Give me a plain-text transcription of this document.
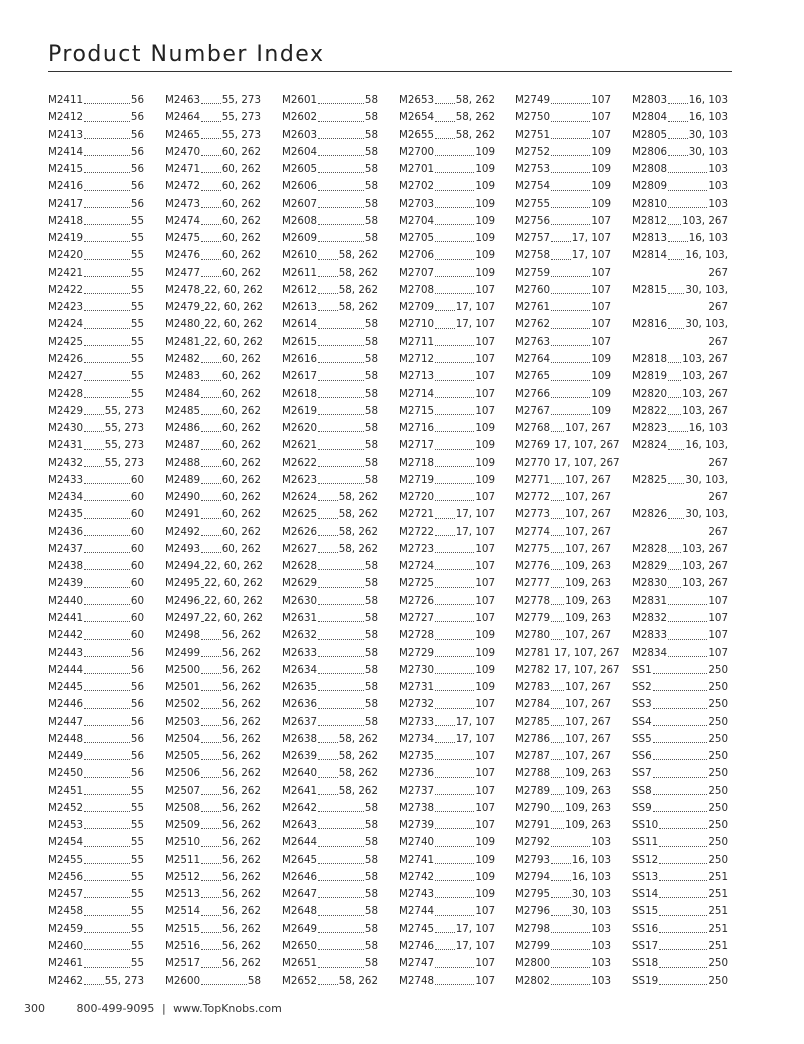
Product Number Index
M2411	56
M2412	56
M2413	56
M2414	56
M2415	56
M2416	56
M2417	56
M2418	55
M2419	55
M2420	55
M2421	55
M2422	55
M2423	55
M2424	55
M2425	55
M2426	55
M2427	55
M2428	55
M2429 55, 273
M2430 55, 273
M2431 55, 273
M2432 55, 273
M2433	60
M2434	60
M2435	60
M2436	60
M2437	60
M2438	60
M2439	60
M2440	60
M2441	60
M2442	60
M2443	56
M2444	56
M2445	56
M2446	56
M2447	56
M2448	56
M2449	56
M2450	56
M2451	55
M2452	55
M2453	55
M2454	55
M2455	55
M2456	55
M2457	55
M2458	55
M2459	55
M2460	55
M2461	55
M2462 55, 273
M2463 55, 273
M2464 55, 273
M2465 55, 273
M2470 60, 262
M2471 60, 262
M2472 60, 262
M2473 60, 262
M2474 60, 262
M2475 60, 262
M2476 60, 262
M2477 60, 262
M2478 22, 60, 262
M2479 22, 60, 262
M2480 22, 60, 262
M2481 22, 60, 262
M2482 60, 262
M2483 60, 262
M2484 60, 262
M2485 60, 262
M2486 60, 262
M2487 60, 262
M2488 60, 262
M2489 60, 262
M2490 60, 262
M2491 60, 262
M2492 60, 262
M2493 60, 262
M2494 22, 60, 262
M2495 22, 60, 262
M2496 22, 60, 262
M2497 22, 60, 262
M2498 56, 262
M2499 56, 262
M2500 56, 262
M2501 56, 262
M2502 56, 262
M2503 56, 262
M2504 56, 262
M2505 56, 262
M2506 56, 262
M2507 56, 262
M2508 56, 262
M2509 56, 262
M2510 56, 262
M2511 56, 262
M2512 56, 262
M2513 56, 262
M2514 56, 262
M2515 56, 262
M2516 56, 262
M2517 56, 262
M2600	58
M2601	58
M2602	58
M2603	58
M2604	58
M2605	58
M2606	58
M2607	58
M2608	58
M2609	58
M2610 58, 262
M2611 58, 262
M2612 58, 262
M2613 58, 262
M2614	58
M2615	58
M2616	58
M2617	58
M2618	58
M2619	58
M2620	58
M2621	58
M2622	58
M2623	58
M2624 58, 262
M2625 58, 262
M2626 58, 262
M2627 58, 262
M2628	58
M2629	58
M2630	58
M2631	58
M2632	58
M2633	58
M2634	58
M2635	58
M2636	58
M2637	58
M2638 58, 262
M2639 58, 262
M2640 58, 262
M2641 58, 262
M2642	58
M2643	58
M2644	58
M2645	58
M2646	58
M2647	58
M2648	58
M2649	58
M2650	58
M2651	58
M2652 58, 262
M2653 58, 262
M2654 58, 262
M2655 58, 262
M2700	109
M2701	109
M2702	109
M2703	109
M2704	109
M2705	109
M2706	109
M2707	109
M2708	107
M2709 17, 107
M2710 17, 107
M2711	107
M2712	107
M2713	107
M2714	107
M2715	107
M2716	109
M2717	109
M2718	109
M2719	109
M2720	107
M2721 17, 107
M2722 17, 107
M2723	107
M2724	107
M2725	107
M2726	107
M2727	107
M2728	109
M2729	109
M2730	109
M2731	109
M2732	107
M2733 17, 107
M2734 17, 107
M2735	107
M2736	107
M2737	107
M2738	107
M2739	107
M2740	109
M2741	109
M2742	109
M2743	109
M2744	107
M2745 17, 107
M2746 17, 107
M2747	107
M2748	107
M2749	107
M2750	107
M2751	107
M2752	109
M2753	109
M2754	109
M2755	109
M2756	107
M2757 17, 107
M2758 17, 107
M2759	107
M2760	107
M2761	107
M2762	107
M2763	107
M2764	109
M2765	109
M2766	109
M2767	109
M2768 107, 267
M2769 17, 107, 267
M2770 17, 107, 267
M2771 107, 267
M2772 107, 267
M2773 107, 267
M2774 107, 267
M2775 107, 267
M2776 109, 263
M2777 109, 263
M2778 109, 263
M2779 109, 263
M2780 107, 267
M2781 17, 107, 267
M2782 17, 107, 267
M2783 107, 267
M2784 107, 267
M2785 107, 267
M2786 107, 267
M2787 107, 267
M2788 109, 263
M2789 109, 263
M2790 109, 263
M2791 109, 263
M2792	103
M2793 16, 103
M2794 16, 103
M2795 30, 103
M2796 30, 103
M2798	103
M2799	103
M2800	103
M2802	103
M2803 16, 103
M2804 16, 103
M2805 30, 103
M2806 30, 103
M2808	103
M2809	103
M2810	103
M2812 103, 267
M2813 16, 103
M2814 16, 103,
267
M2815 30, 103,
267
M2816 30, 103,
267
M2818 103, 267
M2819 103, 267
M2820 103, 267
M2822 103, 267
M2823 16, 103
M2824 16, 103,
267
M2825 30, 103,
267
M2826 30, 103,
267
M2828 103, 267
M2829 103, 267
M2830 103, 267
M2831	107
M2832	107
M2833	107
M2834	107
SS1	250
SS2	250
SS3	250
SS4	250
SS5	250
SS6	250
SS7	250
SS8	250
SS9	250
SS10	250
SS11	250
SS12	250
SS13	251
SS14	251
SS15	251
SS16	251
SS17	251
SS18	250
SS19	250
300	800-499-9095 | www.TopKnobs.com
